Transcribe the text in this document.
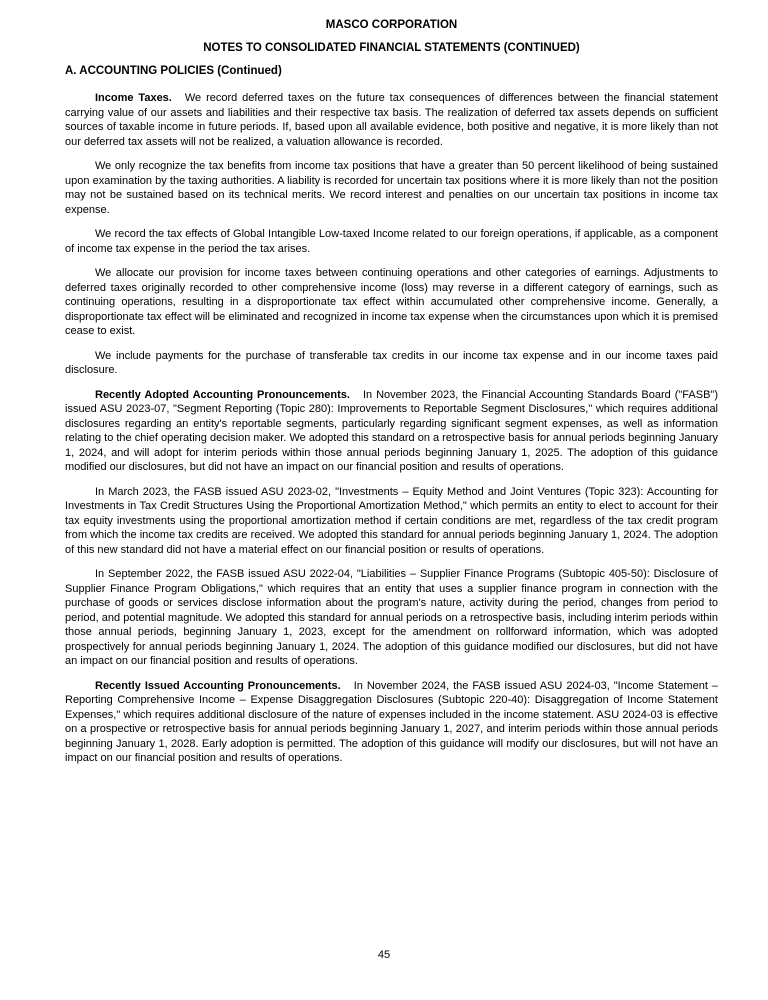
MASCO CORPORATION
NOTES TO CONSOLIDATED FINANCIAL STATEMENTS (CONTINUED)
A. ACCOUNTING POLICIES (Continued)

Income Taxes. We record deferred taxes on the future tax consequences of differences between the financial statement carrying value of our assets and liabilities and their respective tax basis. The realization of deferred tax assets depends on sufficient sources of taxable income in future periods. If, based upon all available evidence, both positive and negative, it is more likely than not our deferred tax assets will not be realized, a valuation allowance is recorded.

We only recognize the tax benefits from income tax positions that have a greater than 50 percent likelihood of being sustained upon examination by the taxing authorities. A liability is recorded for uncertain tax positions where it is more likely than not the position may not be sustained based on its technical merits. We record interest and penalties on our uncertain tax positions in income tax expense.

We record the tax effects of Global Intangible Low-taxed Income related to our foreign operations, if applicable, as a component of income tax expense in the period the tax arises.

We allocate our provision for income taxes between continuing operations and other categories of earnings. Adjustments to deferred taxes originally recorded to other comprehensive income (loss) may reverse in a different category of earnings, such as continuing operations, resulting in a disproportionate tax effect within accumulated other comprehensive income. Generally, a disproportionate tax effect will be eliminated and recognized in income tax expense when the circumstances upon which it is premised cease to exist.

We include payments for the purchase of transferable tax credits in our income tax expense and in our income taxes paid disclosure.

Recently Adopted Accounting Pronouncements. In November 2023, the Financial Accounting Standards Board ("FASB") issued ASU 2023-07, "Segment Reporting (Topic 280): Improvements to Reportable Segment Disclosures," which requires additional disclosures regarding an entity's reportable segments, particularly regarding significant segment expenses, as well as information relating to the chief operating decision maker. We adopted this standard on a retrospective basis for annual periods beginning January 1, 2024, and will adopt for interim periods within those annual periods beginning January 1, 2025. The adoption of this guidance modified our disclosures, but did not have an impact on our financial position and results of operations.

In March 2023, the FASB issued ASU 2023-02, "Investments – Equity Method and Joint Ventures (Topic 323): Accounting for Investments in Tax Credit Structures Using the Proportional Amortization Method," which permits an entity to elect to account for their tax equity investments using the proportional amortization method if certain conditions are met, regardless of the tax credit program from which the income tax credits are received. We adopted this standard for annual periods beginning January 1, 2024. The adoption of this new standard did not have a material effect on our financial position or results of operations.

In September 2022, the FASB issued ASU 2022-04, "Liabilities – Supplier Finance Programs (Subtopic 405-50): Disclosure of Supplier Finance Program Obligations," which requires that an entity that uses a supplier finance program in connection with the purchase of goods or services disclose information about the program's nature, activity during the period, changes from period to period, and potential magnitude. We adopted this standard for annual periods on a retrospective basis, including interim periods within those annual periods, beginning January 1, 2023, except for the amendment on rollforward information, which was adopted prospectively for annual periods beginning January 1, 2024. The adoption of this guidance modified our disclosures, but did not have an impact on our financial position and results of operations.

Recently Issued Accounting Pronouncements. In November 2024, the FASB issued ASU 2024-03, "Income Statement – Reporting Comprehensive Income – Expense Disaggregation Disclosures (Subtopic 220-40): Disaggregation of Income Statement Expenses," which requires additional disclosure of the nature of expenses included in the income statement. ASU 2024-03 is effective on a prospective or retrospective basis for annual periods beginning January 1, 2027, and interim periods within those annual periods beginning January 1, 2028. Early adoption is permitted. The adoption of this guidance will modify our disclosures, but will not have an impact on our financial position and results of operations.

45
